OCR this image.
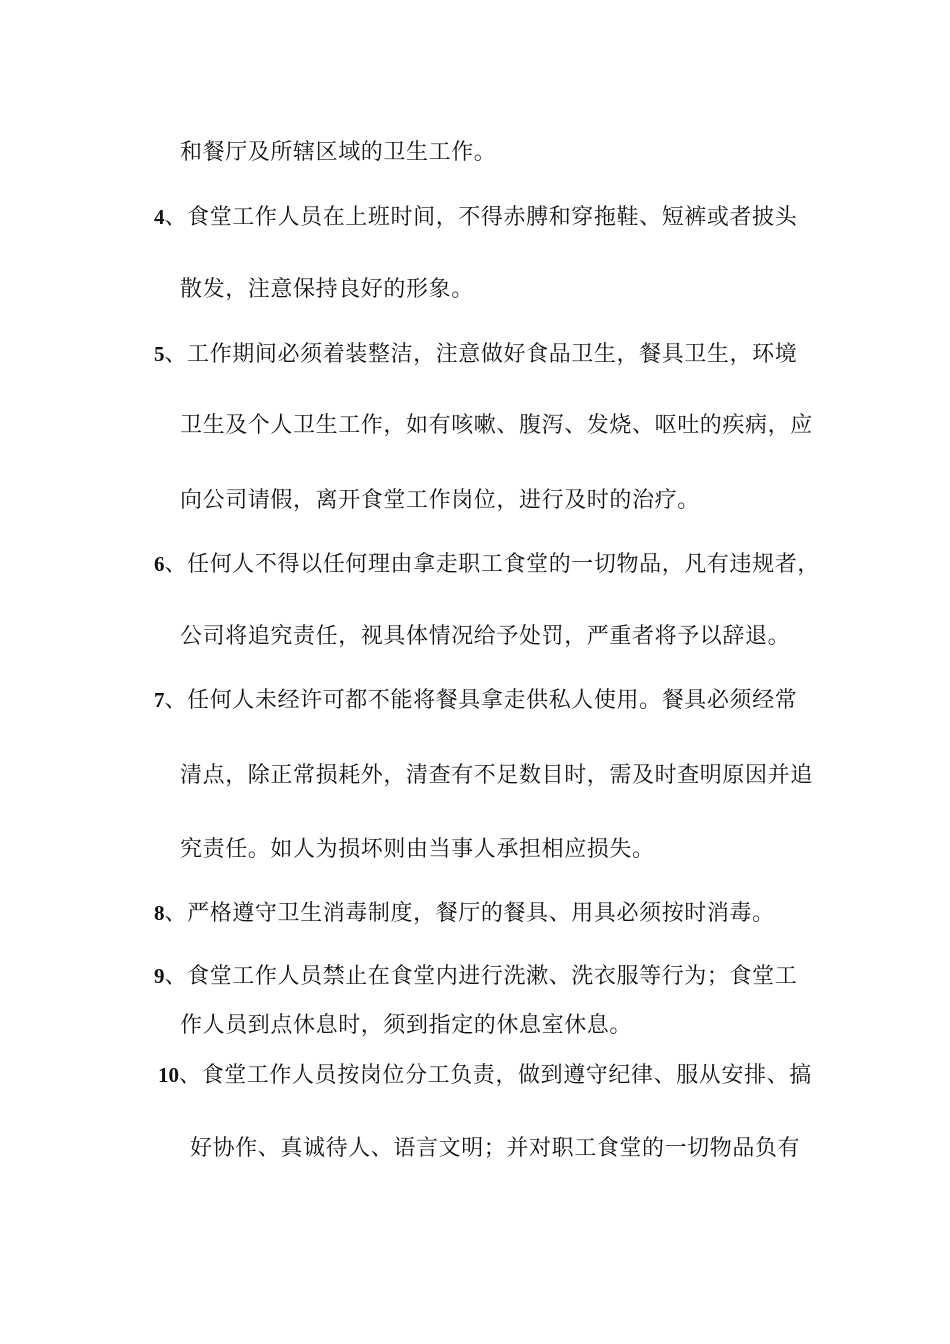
和餐厅及所辖区域的卫生工作。
4、食堂工作人员在上班时间，不得赤膊和穿拖鞋、短裤或者披头
散发，注意保持良好的形象。
5、工作期间必须着装整洁，注意做好食品卫生，餐具卫生，环境
卫生及个人卫生工作，如有咳嗽、腹泻、发烧、呕吐的疾病，应
向公司请假，离开食堂工作岗位，进行及时的治疗。
6、任何人不得以任何理由拿走职工食堂的一切物品，凡有违规者，
公司将追究责任，视具体情况给予处罚，严重者将予以辞退。
7、任何人未经许可都不能将餐具拿走供私人使用。餐具必须经常
清点，除正常损耗外，清查有不足数目时，需及时查明原因并追
究责任。如人为损坏则由当事人承担相应损失。
8、严格遵守卫生消毒制度，餐厅的餐具、用具必须按时消毒。
9、食堂工作人员禁止在食堂内进行洗漱、洗衣服等行为；食堂工
作人员到点休息时，须到指定的休息室休息。
10、食堂工作人员按岗位分工负责，做到遵守纪律、服从安排、搞
好协作、真诚待人、语言文明；并对职工食堂的一切物品负有
